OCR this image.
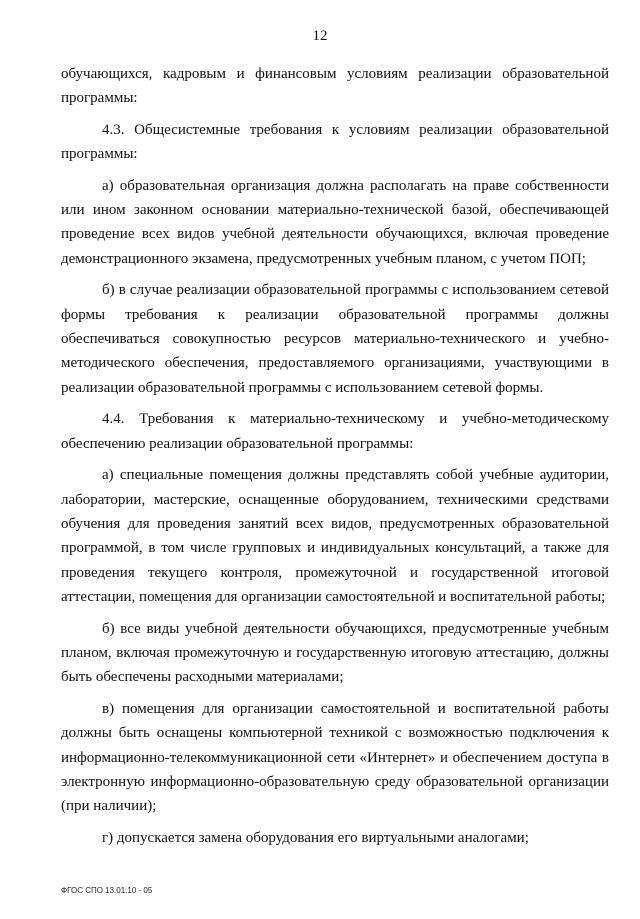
12

обучающихся, кадровым и финансовым условиям реализации образовательной программы:

4.3. Общесистемные требования к условиям реализации образовательной программы:

а) образовательная организация должна располагать на праве собственности или ином законном основании материально-технической базой, обеспечивающей проведение всех видов учебной деятельности обучающихся, включая проведение демонстрационного экзамена, предусмотренных учебным планом, с учетом ПОП;

б) в случае реализации образовательной программы с использованием сетевой формы требования к реализации образовательной программы должны обеспечиваться совокупностью ресурсов материально-технического и учебно-методического обеспечения, предоставляемого организациями, участвующими в реализации образовательной программы с использованием сетевой формы.

4.4. Требования к материально-техническому и учебно-методическому обеспечению реализации образовательной программы:

а) специальные помещения должны представлять собой учебные аудитории, лаборатории, мастерские, оснащенные оборудованием, техническими средствами обучения для проведения занятий всех видов, предусмотренных образовательной программой, в том числе групповых и индивидуальных консультаций, а также для проведения текущего контроля, промежуточной и государственной итоговой аттестации, помещения для организации самостоятельной и воспитательной работы;

б) все виды учебной деятельности обучающихся, предусмотренные учебным планом, включая промежуточную и государственную итоговую аттестацию, должны быть обеспечены расходными материалами;

в) помещения для организации самостоятельной и воспитательной работы должны быть оснащены компьютерной техникой с возможностью подключения к информационно-телекоммуникационной сети «Интернет» и обеспечением доступа в электронную информационно-образовательную среду образовательной организации (при наличии);

г) допускается замена оборудования его виртуальными аналогами;

ФГОС СПО 13.01.10 - 05
